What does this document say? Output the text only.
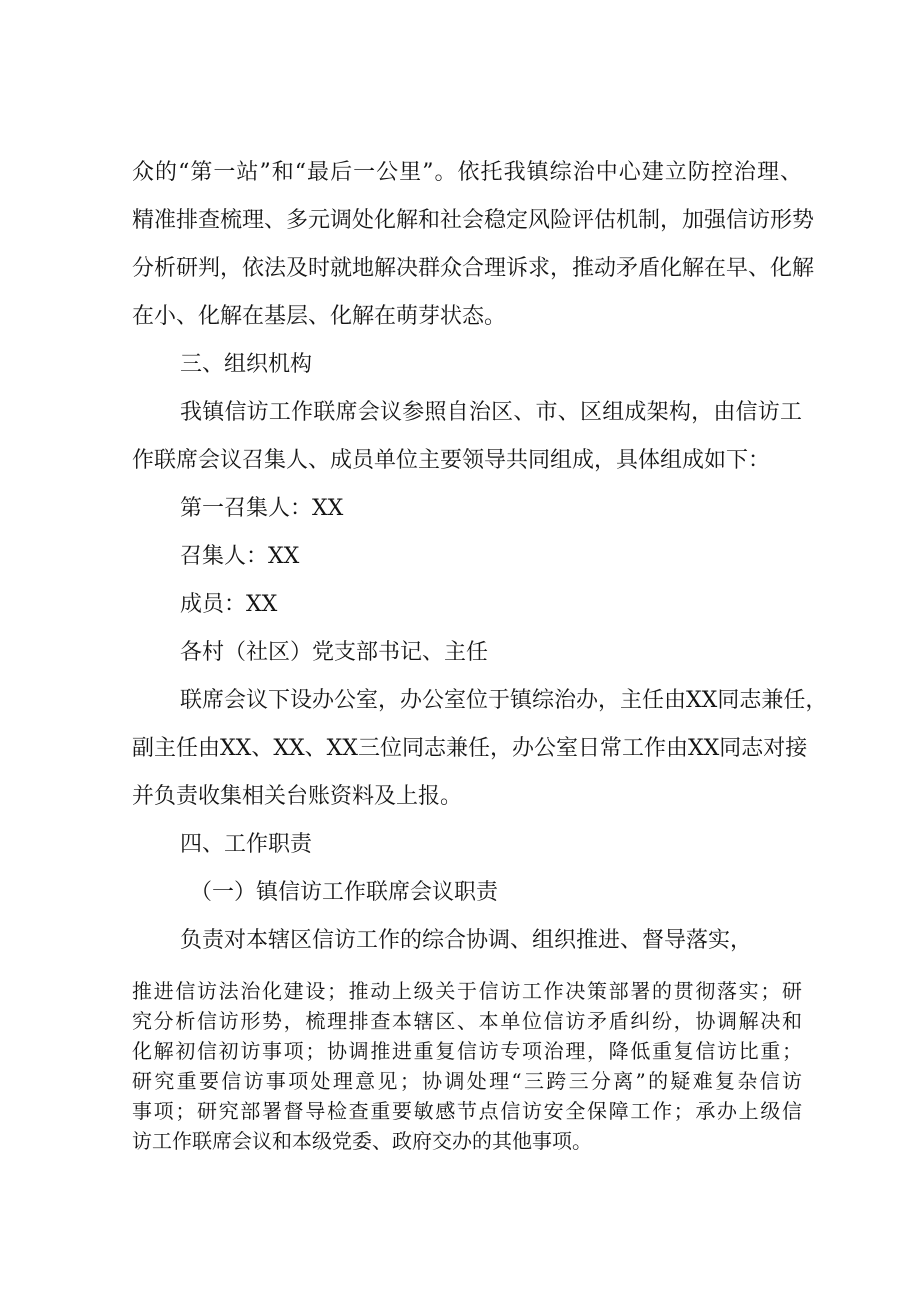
众的“第一站”和“最后一公里”。依托我镇综治中心建立防控治理、

精准排查梳理、多元调处化解和社会稳定风险评估机制，加强信访形势

分析研判，依法及时就地解决群众合理诉求，推动矛盾化解在早、化解

在小、化解在基层、化解在萌芽状态。

三、组织机构

我镇信访工作联席会议参照自治区、市、区组成架构，由信访工

作联席会议召集人、成员单位主要领导共同组成，具体组成如下：

第一召集人：XX

召集人：XX

成员：XX

各村（社区）党支部书记、主任

联席会议下设办公室，办公室位于镇综治办，主任由XX同志兼任，

副主任由XX、XX、XX三位同志兼任，办公室日常工作由XX同志对接

并负责收集相关台账资料及上报。

四、工作职责

（一）镇信访工作联席会议职责

负责对本辖区信访工作的综合协调、组织推进、督导落实，

推进信访法治化建设；推动上级关于信访工作决策部署的贯彻落实；研

究分析信访形势，梳理排查本辖区、本单位信访矛盾纠纷，协调解决和

化解初信初访事项；协调推进重复信访专项治理，降低重复信访比重；

研究重要信访事项处理意见；协调处理“三跨三分离”的疑难复杂信访

事项；研究部署督导检查重要敏感节点信访安全保障工作；承办上级信

访工作联席会议和本级党委、政府交办的其他事项。
